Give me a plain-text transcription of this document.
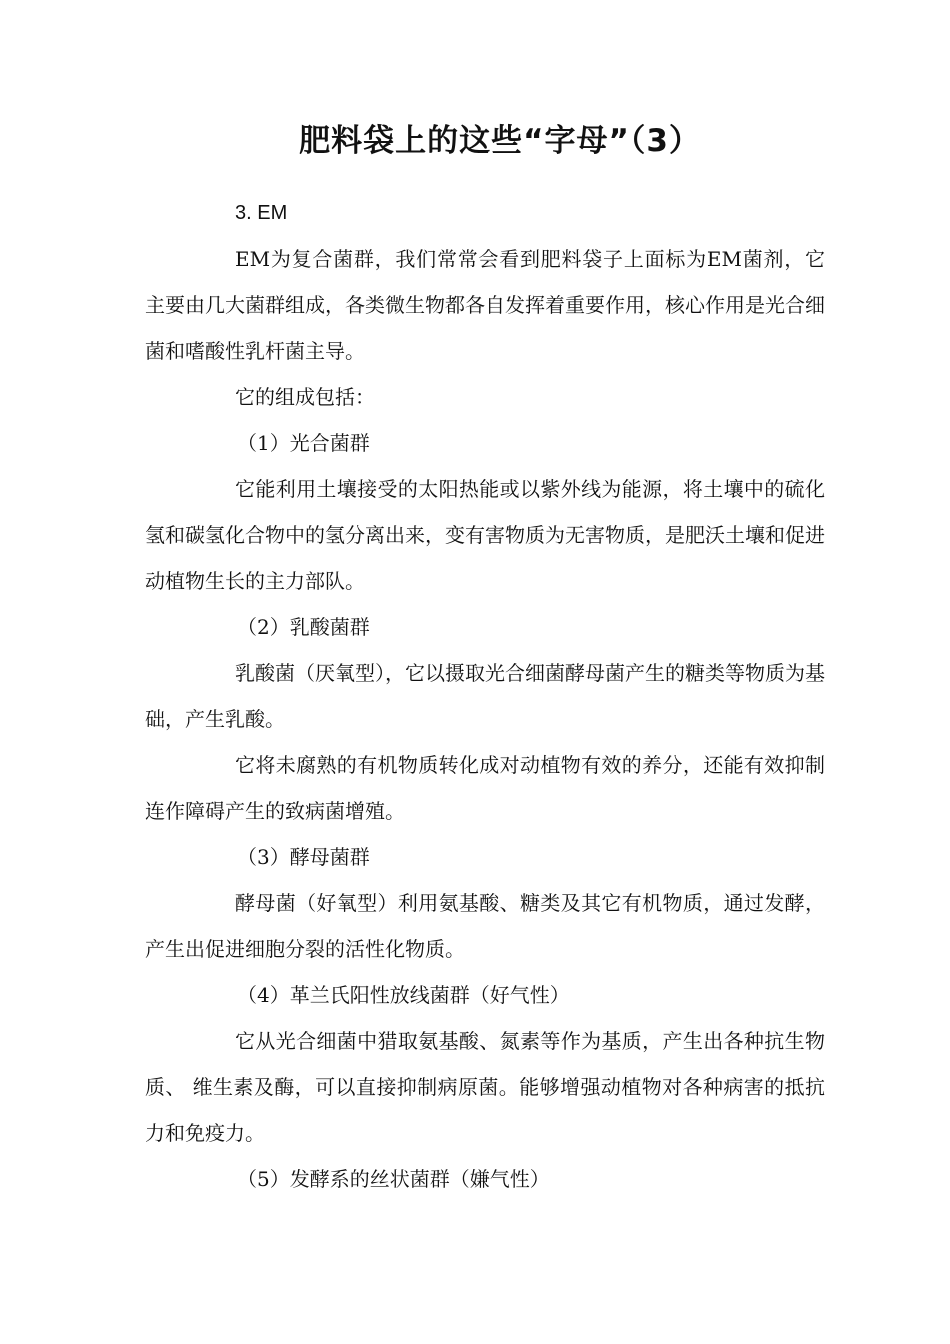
肥料袋上的这些“字母”（3）

3. EM

EM为复合菌群，我们常常会看到肥料袋子上面标为EM菌剂，它主要由几大菌群组成，各类微生物都各自发挥着重要作用，核心作用是光合细菌和嗜酸性乳杆菌主导。

它的组成包括：

（1）光合菌群

它能利用土壤接受的太阳热能或以紫外线为能源，将土壤中的硫化氢和碳氢化合物中的氢分离出来，变有害物质为无害物质，是肥沃土壤和促进动植物生长的主力部队。

（2）乳酸菌群

乳酸菌（厌氧型），它以摄取光合细菌酵母菌产生的糖类等物质为基础，产生乳酸。

它将未腐熟的有机物质转化成对动植物有效的养分，还能有效抑制连作障碍产生的致病菌增殖。

（3）酵母菌群

酵母菌（好氧型）利用氨基酸、糖类及其它有机物质，通过发酵，产生出促进细胞分裂的活性化物质。

（4）革兰氏阳性放线菌群（好气性）

它从光合细菌中猎取氨基酸、氮素等作为基质，产生出各种抗生物质、 维生素及酶，可以直接抑制病原菌。能够增强动植物对各种病害的抵抗力和免疫力。

（5）发酵系的丝状菌群（嫌气性）
